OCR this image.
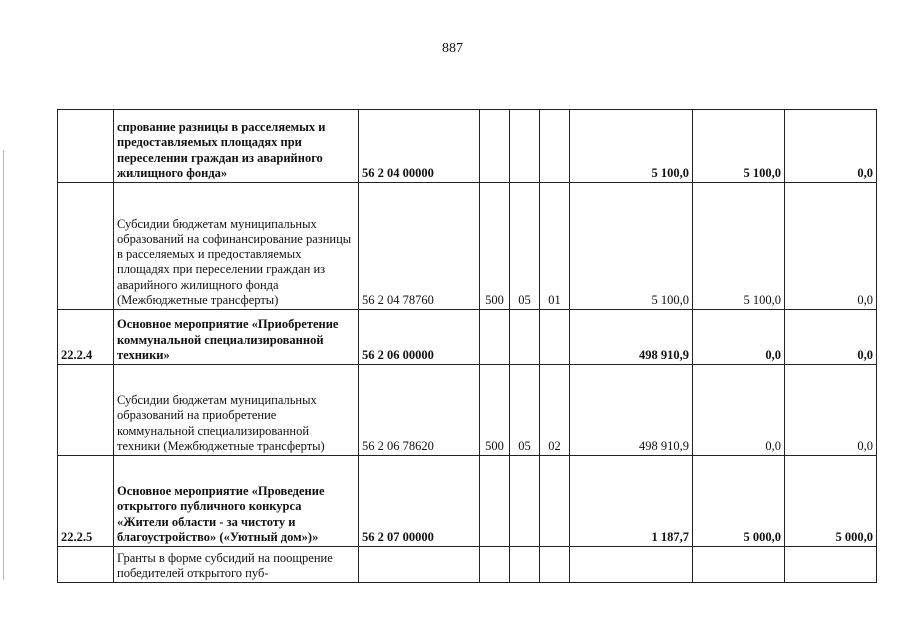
887
	спрование разницы в расселяемых и предоставляемых площадях при переселении граждан из аварийного жилищного фонда»	56 2 04 00000				5 100,0	5 100,0	0,0
	Субсидии бюджетам муниципальных образований на софинансирование разницы в расселяемых и предоставляемых площадях при переселении граждан из аварийного жилищного фонда (Межбюджетные трансферты)	56 2 04 78760	500	05	01	5 100,0	5 100,0	0,0
22.2.4	Основное мероприятие «Приобретение коммунальной специализированной техники»	56 2 06 00000				498 910,9	0,0	0,0
	Субсидии бюджетам муниципальных образований на приобретение коммунальной специализированной техники (Межбюджетные трансферты)	56 2 06 78620	500	05	02	498 910,9	0,0	0,0
22.2.5	Основное мероприятие «Проведение открытого публичного конкурса «Жители области - за чистоту и благоустройство» («Уютный дом»)»	56 2 07 00000				1 187,7	5 000,0	5 000,0
	Гранты в форме субсидий на поощрение победителей открытого пуб-							
